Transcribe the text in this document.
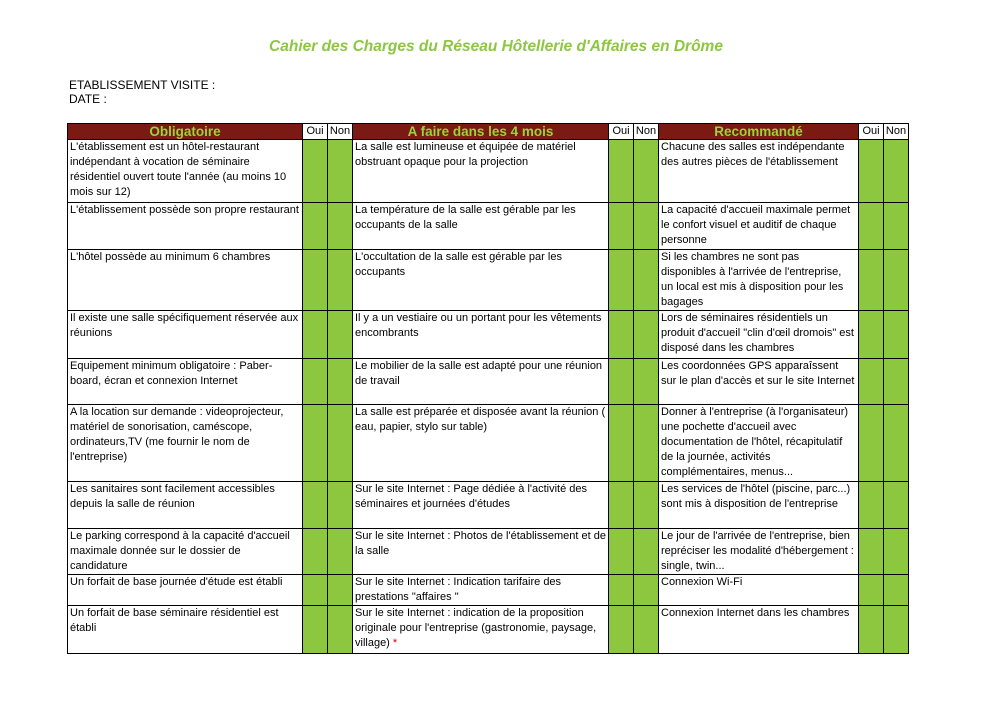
Cahier des Charges du Réseau Hôtellerie d'Affaires en Drôme
ETABLISSEMENT VISITE :
DATE :
Obligatoire	Oui	Non	A faire dans les 4 mois	Oui	Non	Recommandé	Oui	Non
L'établissement est un hôtel-restaurant indépendant à vocation de séminaire résidentiel ouvert toute l'année (au moins 10 mois sur 12)			La salle est lumineuse et équipée de matériel obstruant opaque pour la projection			Chacune des salles est indépendante des autres pièces de l'établissement		
L'établissement possède son propre restaurant			La température de la salle est gérable par les occupants de la salle			La capacité d'accueil maximale permet le confort visuel et auditif de chaque personne		
L'hôtel possède au minimum 6 chambres			L'occultation de la salle est gérable par les occupants			Si les chambres ne sont pas disponibles à l'arrivée de l'entreprise, un local est mis à disposition pour les bagages		
Il existe une salle spécifiquement réservée aux réunions			Il y a un vestiaire ou un portant pour les vêtements encombrants			Lors de séminaires résidentiels un produit d'accueil "clin d'œil dromois" est disposé dans les chambres		
Equipement minimum obligatoire : Paber-board, écran et connexion Internet			Le mobilier de la salle est adapté pour une réunion de travail			Les coordonnées GPS apparaîssent sur le plan d'accès et sur le site Internet		
A la location sur demande : videoprojecteur, matériel de sonorisation, caméscope, ordinateurs,TV (me fournir le nom de l'entreprise)			La salle est préparée et disposée avant la réunion ( eau, papier, stylo sur table)			Donner à l'entreprise (à l'organisateur) une pochette d'accueil avec documentation de l'hôtel, récapitulatif de la journée, activités complémentaires, menus...		
Les sanitaires sont facilement accessibles depuis la salle de réunion			Sur le site Internet : Page dédiée à l'activité des séminaires et journées d'études			Les services de l'hôtel (piscine, parc...) sont mis à disposition de l'entreprise		
Le parking correspond à la capacité d'accueil maximale donnée sur le dossier de candidature			Sur le site Internet : Photos de l'établissement et de la salle			Le jour de l'arrivée de l'entreprise, bien repréciser les modalité d'hébergement : single, twin...		
Un forfait de base journée d'étude est établi			Sur le site Internet : Indication tarifaire des prestations "affaires "			Connexion Wi-Fi		
Un forfait de base séminaire résidentiel est établi			Sur le site Internet : indication de la proposition originale pour l'entreprise (gastronomie, paysage, village) *			Connexion Internet dans les chambres		
